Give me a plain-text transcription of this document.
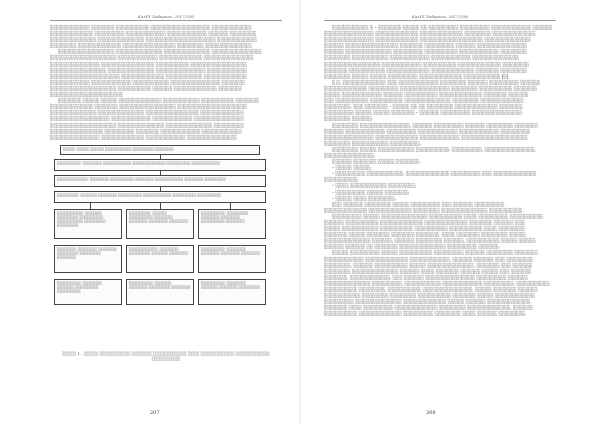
ҚазҰУ Хабаршы. 2017/1(8)
░░░░░░░░░░░░ ░░░░░░░ ░░░░░░░░░░ ░░░░░░░░░░░░░░░░░░ ░░░░░░░░░░░░
░░░░░░░░░░░░░ ░░░░░░░░░ ░░░░░░░░░░░░ ░░░░░░░░░░░░ ░░░░░░ ░░░░░░░░
░░░░░░░░░░░░░░ ░░░░░░░░░░░░░░ ░░░░░░░░░░░░░░░░░░░░░ ░░░░░░░░░░░░
░░░░░░░░ ░░░░░░░░░░░░░ ░░░░░░░░░░░░░░░░ ░░░░░░░░ ░░░░░░░░░░░░░░
░░░░░░░░░░░░░░░░░ ░░░░░░░░░░░░░░ ░░░░░░░░░░░░░░ ░░░░░░░░░░░░░░░
░░░░░░░░░░░░░░░░░░░░ ░░░░░░░░░░░░ ░░░░░░░░░░░░░ ░░░░░░░░░░░░░░░
░░░░░░░░░░░░░░░ ░░░░░░░░░░░░░░░░ ░░░░░░░░░░ ░░░░░░░░░░░░░░░░░
░░░░░░░░░░░░░░░░░ ░░░░░░░░░░░░░░ ░░░░░░░░░░░░░░░ ░░░░░░░░░░░░
░░░░░░░░░░░░░░░░░░░░░ ░░░░░░░░░░░░░ ░░░░░░░░░░░ ░░░░░░░░░░░░░
░░░░░░░░░░░░ ░░░░░░░░░░░░ ░░░░░░░░░░░ ░░░░░░░░░░░░░░░ ░░░░░░░
░░░░░░░░░░░░░░░░░░░░ ░░░░░░░░░░ ░░░░░░ ░░░░░░░░░░░░░ ░░░░░░░
░░░░░░░░░░░░░░░░░░░░░░
░░░░░░░ ░░░░░ ░░░░░ ░░░░░░░░░░░░░ ░░░░░░░░░░░ ░░░░░░░░░░ ░░░░░░░
░░░░░░░░░░░░░ ░░░░░░░ ░░░░░░░░░░░░░░░░░ ░░░░░░░░░░░░░░░░░░░░░
░░░░░░░░░░░░░░ ░░░░░░░░░░░░░░ ░░░░░░░░░░░░░░░░ ░░░░░░░░░░░░░
░░░░░░░░░░░░░░░░░░ ░░░░░░░░░░░░ ░░░░░░░░░░░░ ░░░░░░░░░░░░░░░
░░░░░░░░░░░░░░░░░░░░ ░░░░░░░░░░░░░░ ░░░░░░░░░░░░░░ ░░░░░░░░░
░░░░░░░░░░░░░░░░ ░░░░░░░░░ ░░░░░░░ ░░░░░░░░░░░░ ░░░░░░░░░░░░
░░░░░░░░░░░░░░░ ░░░░░░░░░░░░░ ░░░░░░░░░░░░ ░░░░░░░░░░░░░░░
░░░░░: ░░░░░ ░░░░░░ ░░░░░░░░░░░ ░░░░░░░░░ ░░░░░░░░
░░░░░░░░░░: ░░░░░░░░ ░░░░░░░░░░░░ ░░░░░░░░░░░░░░ ░░░░░░░░░░ ░░░░░░░░░░░░
░░░░░░░░░░░░░: ░░░░░░░░ ░░░░░░░░░░ ░░░░░░░░ ░░░░░░░░░░░░ ░░░░░░░░ ░░░░░░░░░
░░░░░░░░░: ░░░░░░░ ░░░░░░░░ ░░░░░░░░░░ ░░░░░░░░░░░░ ░░░░░░░░░░ ░░░░░░░░░░
░░░░░░░░░░░: ░░░░░░░ ░░░░░░░░░ ░░░░░░░░░░ ░░░░░░░░░░░ ░░░░░░░░░ ░░░░░░░░░
░░░░░░░░░: ░░░░░░ ░░░░░░░░░░ ░░░░░░░░ ░░░░░░░░ ░░░░░░░░ ░░░░░░░░
░░░░░░░░░░: ░░░░░░░░░ ░░░░░░░░ ░░░░░░░░ ░░░░░░░░░░ ░░░░░░░░
░░░░░░░░: ░░░░░░░░ ░░░░░░░░ ░░░░░░░░░ ░░░░░░░░░ ░░░░░░░░
░░░░░░░░░░░░: ░░░░░░░░ ░░░░░░░░░ ░░░░░░░ ░░░░░░░░
░░░░░░░░░░: ░░░░░░░░ ░░░░░░░░ ░░░░░░░░ ░░░░░░░░
░░░░░░░░░░: ░░░░░░░░ ░░░░░░░ ░░░░░░░░░░ ░░░░░░░░░░
░░░░░░░░░░: ░░░░░░░ ░░░░░░░░ ░░░░░░░░░ ░░░░░░░░
░░░░░░░░░░: ░░░░░░░░ ░░░░░░░ ░░░░░░░░ ░░░░░░░░░
░░░░░ 1 – ░░░░░ ░░░░░░░░░░░ ░░░░░░░ ░░░░░░░░░░░░ ░░░░ ░░░░░░░░░░░░ ░░░░░░░░░░░░ ░░░░░░░░░░
207
ҚазҰУ Хабаршы. 2017/1(8)
░░░░░░░░░░░ ░ – ░░░░░░░ ░░░░░ ░░ ░░░░░░░░░ ░░░░░░░░░ ░░░░░░░░░░░░ ░░░░░░
░░░░░░░░░░░░░░░ ░░░░░░░░░░░░░ ░░░░░░░░░░░░░ ░░░░░░░░ ░░░░░░░░░░░░░
░░░░░░░░░░░░░░░ ░░░░░░░░░░░░░ ░░░░░░░░░░░░░░░░░░░ ░░░░░░░░░░░░░░
░░░░░░ ░░░░░░░░░░░░░░░░ ░░░░░░░ ░░░░░░░░░ ░░░░░░ ░░░░░░░░░░░░░░░
░░░░░░ ░░░░░░░░░░░░░░ ░░░░░░░░░ ░░░░░░░░░░ ░░░░░░░░░░░░ ░░░░░░░░
░░░░░░░░ ░░░░░░░░░░░ ░░░░░░░░░░░░ ░░░░░░░░░░░░ ░░░░░░░░░░░░░░
░░░░░░░░░░░░░░░░░ ░░░░░░░░░░░░ ░░░░░░░░░░ ░░░░░░░░░░░░░ ░░░░░░░░
░░░░░░░ ░░░░░░░░░░░ ░░░░░░░░░░░░░ ░░░░░░░░░░░░░ ░░░░░░░ ░░░░░░░░
░░░░░░░░ ░░░░░ ░░░░░ ░░░░░░░░░ ░░░░░░░░░░░░░ ░░░░░░░░░░░ [░]
░.░. ░░░░░░░░░░░░░ ░░░ ░░░░░░░░░░░░ ░░░░░░░░ ░░░░░░ ░░░░░░░░░ ░░░░░░
░░░░░░░░░░░░░ ░░░░░░░░░ ░░░░░░░░░░░░░░░ ░░░░░░░░ ░░░░░░░░░░ ░░░░░░░
░░░░░ ░░░░░░░░░░░░ ░░░░░░ ░░░░░░░░░░ ░░░░░░░░░░░░░ ░░░░░░░ ░░░░░░
░░░ ░░░░░░░░░░ ░░░░░░░░░░ ░░░░░░░░░░░░░░ ░░░░░░░░ ░░░░░░░░░░░░░
░░░░░░░░. ░░░ ░░░░░░░ – ░░░░░ ░░ ░░ ░░░░░░░░ ░░░░░░░░░░░░░ ░░░░░░░
░░░░░░░░░ ░░░░░ ░░░░░ ░░░░░░░ – ░░░░░░ ░░░░░░░░░ ░░░░░░░░░░░░░░░
░░░░░░░░ ░░░░░░.
░░░░░░░░ ░░░░░░░░░░░░░░░, ░░░░░░ ░░░░░░░░░ ░░░░░░ ░░░░░░░░ ░░░░░░░
░░░░░░ ░░░░░░░░░░░░ ░░░░░░░░░ ░░░░░░░░░░░░ ░░░░░░░░░░░░ ░░░░░░░░░
░░░░░░░░░░░░░░░ ░░░░░░░░░░░░░ ░░░░░░░░░░░░ ░░░░░░░░░░░░░░░░░░░░
░░░░░░░░ ░░░░░░░░░░░ ░░░░░░░░░.
░░░░░░░░ ░░░░░ ░░░░░░░░░░░ ░░░░░░░░░░: ░░░░░░░░░, ░░░░░░░░░░░░░░░,
░░░░░░░░░░░░░░░.
░░░░░░ ░░░░░░░ ░░░░░ ░░░░░░░:
– ░░░░░ ░░░░░;
– ░░░░░░░░░ ░░░░░░░░░░░, ░░░░░░░░░░░░░ ░░░░░░░░░ ░░░ ░░░░░░░░░░░░░
░░░░░░░░░░;
– ░░░░ ░░░░░░░░░░░ ░░░░░░░░;
– ░░░░░░░░░ ░░░░░ ░░░░░░░;
– ░░░░░ ░░░░ ░░░░░░░░.
░░░ ░░░░░░ ░░░░░░░░ ░░░░░ ░░░░░░░░░ ░░░ ░░░░░░ ░░░░░░░░░
░░░░░░░░░░░░░ ░░░░░░░░░░░░░ ░░░░░░░░ ░░░░░░░░░░░░░░ ░░░░░░░░░░.
░░░░░░░░░ ░░░░░ ░░░░░░░░░░░░░░ ░░░░░░░░░░ ░░░░ ░░░░░░░░░ ░░░░░░░░░░
░░░░░░ ░░░░░░░░░░ ░░░░░░░░░░░░░ ░░░░░░░░░░░░░ ░░░░░░░ ░░░░░░ ░░░
░░░░░ ░░░░░░░░░░░ ░░░░░░░░░░ ░░░░░░░░░░ ░░░░░░░░░░ ░░░░ ░░░░░░░░
░░░░░░░ ░░░░░ ░░░░░░░ ░░░░░░░ ░░░░░░░. ░░░░ ░░░░░░░ ░░░░░░░░ ░░░░░
░░░░░░░░░░░░░░ ░░░░░░, ░░░░░░ ░░░░░░░░ ░░░░░░, ░░░░░░░░░░ ░░░░░ ░░░░░
░░░░░░ ░░░░░░ ░░ ░░░░░░░ ░░░░░░░░░░░░░░ ░░░░░░░░░ ░░░░░░.
░░░░░ ░░░░░░░░░ ░░░░░ ░░░░░░░░░░ ░░░░░░░░░ ░░░░░░ ░░░░░░░░ ░░░░░░░
░░░░░░░░░░░░ ░░░░░░░░░░░░░ ░░░░░░░░░░░░, ░░░░░░ ░░░░░░ ░░░ ░░░░░░░░
░░░░░░░░, ░░░░░░ ░░░░░░░░░░ ░░░░░ ░░░░░░░░░░░░░░. ░░░░░░░ ░░░ ░░░░░░
░░░░░░░░ ░░░░░░░░░░░░░░ ░░░░░░ ░░░░ ░░░░░░░ ░░░░░░ ░░░░░ ░░░ ░░░░░░
░░░░░░░, ░░░░░░░░░░░░, ░░░ ░░░░░░ ░░░░░░░░░░░░░░░ ░░░░░░░░░ ░░░░░░
░░░░░░░░░░░░░░ ░░░░░░░░░, ░░░░░░░░░░░ ░░░░░░░░░░░░ ░░░░░░░░░. ░░░░░░░░░░
░░░░░░░░░░ ░░░░░░░░, ░░░░░░░░░░ ░░░░░░░░░░░░░░░, ░░░░░ ░░░░░░░ ░░░░░░
░░░░░░░░░░░ ░░░░░░░░ ░░░░░░░░ ░░░░░░░░░░ ░░░░░░░ ░░░░░ ░░░░░░░░░░░░
░░░░░░░░░ ░░░░░░░░░░░░░░ ░░░░░░░░░░░░░ ░░░░░ ░░░░░░ ░░░░░░░░░░░░░.
░░░░░░░ ░░░░ ░░░░░░░░░ ░░░░░░░░░░░░░ ░░░░░░░░ ░░░░░░░░░░░░░, ░░░░░░
░░░░░░░░░░ ░░░░░░░░░░░░░ ░░░░░░░░░ ░░░░░░░░ ░░░░ ░░░░░░ ░░░░░░░░.
208
